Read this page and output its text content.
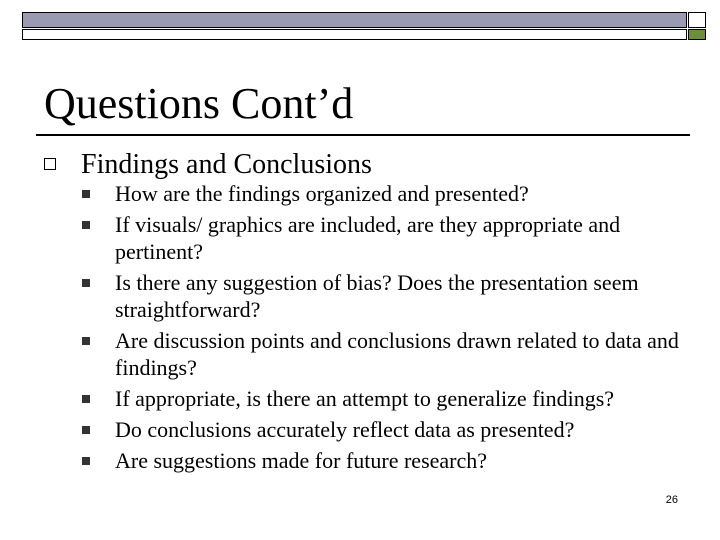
Questions Cont’d
Findings and Conclusions
How are the findings organized and presented?
If visuals/ graphics are included, are they appropriate and pertinent?
Is there any suggestion of bias? Does the presentation seem straightforward?
Are discussion points and conclusions drawn related to data and findings?
If appropriate, is there an attempt to generalize findings?
Do conclusions accurately reflect data as presented?
Are suggestions made for future research?
26
